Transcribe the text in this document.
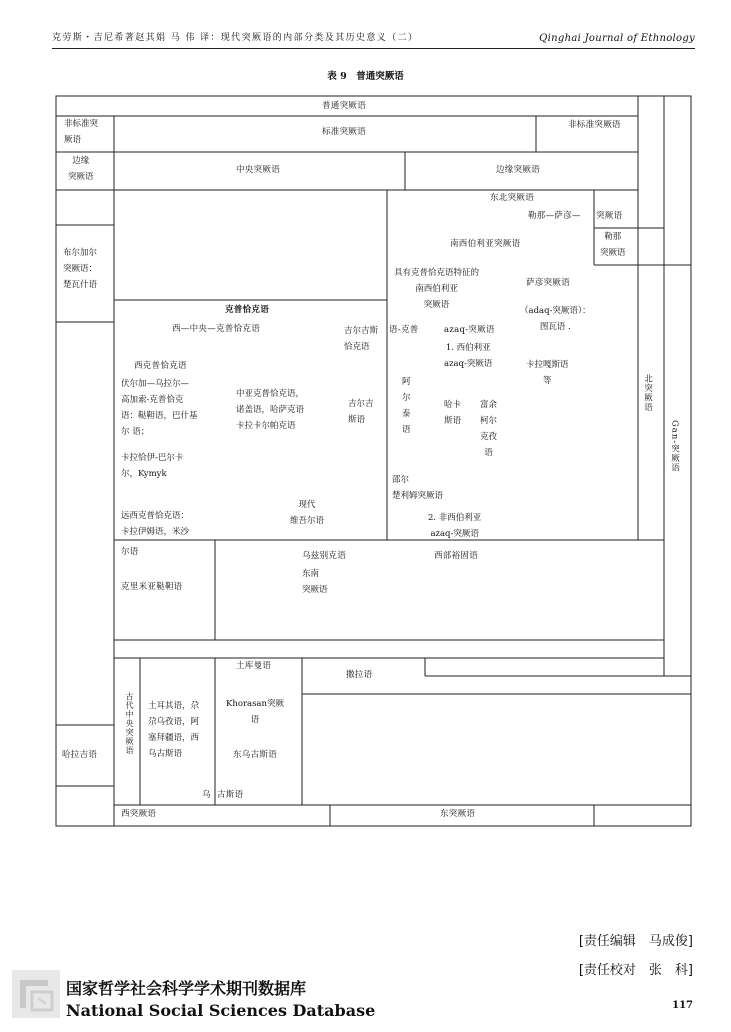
克劳斯・吉尼希著赵其娟 马 伟 译：现代突厥语的内部分类及其历史意义（二）	Qinghai Journal of Ethnology
表 9　普通突厥语
普通突厥语
非标准突
厥语
标准突厥语
非标准突厥语
边缘
突厥语
中央突厥语	边缘突厥语
东北突厥语
勒那—萨彦— 突厥语
勒那
突厥语
南西伯利亚突厥语
布尔加尔
突厥语：
楚瓦什语
具有克普恰克语特征的
南西伯利亚
突厥语
萨彦突厥语
（adaq-突厥语）：
图瓦语 .
克普恰克语
西—中央—克普恰克语	吉尔吉斯
恰克语
语-克普	azaq-突厥语
1. 西伯利亚
azaq-突厥语
西克普恰克语	卡拉嘎斯语
等
伏尔加—乌拉尔—
高加索-克普恰克
语：鞑靼语，巴什基
尔 语；
中亚克普恰克语，
诺盖语，哈萨克语
卡拉卡尔帕克语
吉尔吉
斯语
阿
尔
泰
语
哈卡
斯语
富余
柯尔
克孜
语
卡拉恰伊-巴尔卡
尔，Kymyk
邵尔
楚利姆突厥语
现代
维吾尔语
远西克普恰克语：
卡拉伊姆语，米沙
2. 非西伯利亚
azaq-突厥语
北突厥语
Gan-突厥语
尔语
克里米亚鞑靼语
乌兹别克语	西部裕固语
东南
突厥语
古代中央突厥语
土库曼语
撒拉语
土耳其语，尕
尕乌孜语，阿
塞拜疆语，西
乌古斯语
Khorasan突厥
语
东乌古斯语
哈拉吉语
乌 古斯语
西突厥语	东突厥语
[责任编辑　马成俊]
[责任校对　张　科]
国家哲学社会科学学术期刊数据库
National Social Sciences Database	117
